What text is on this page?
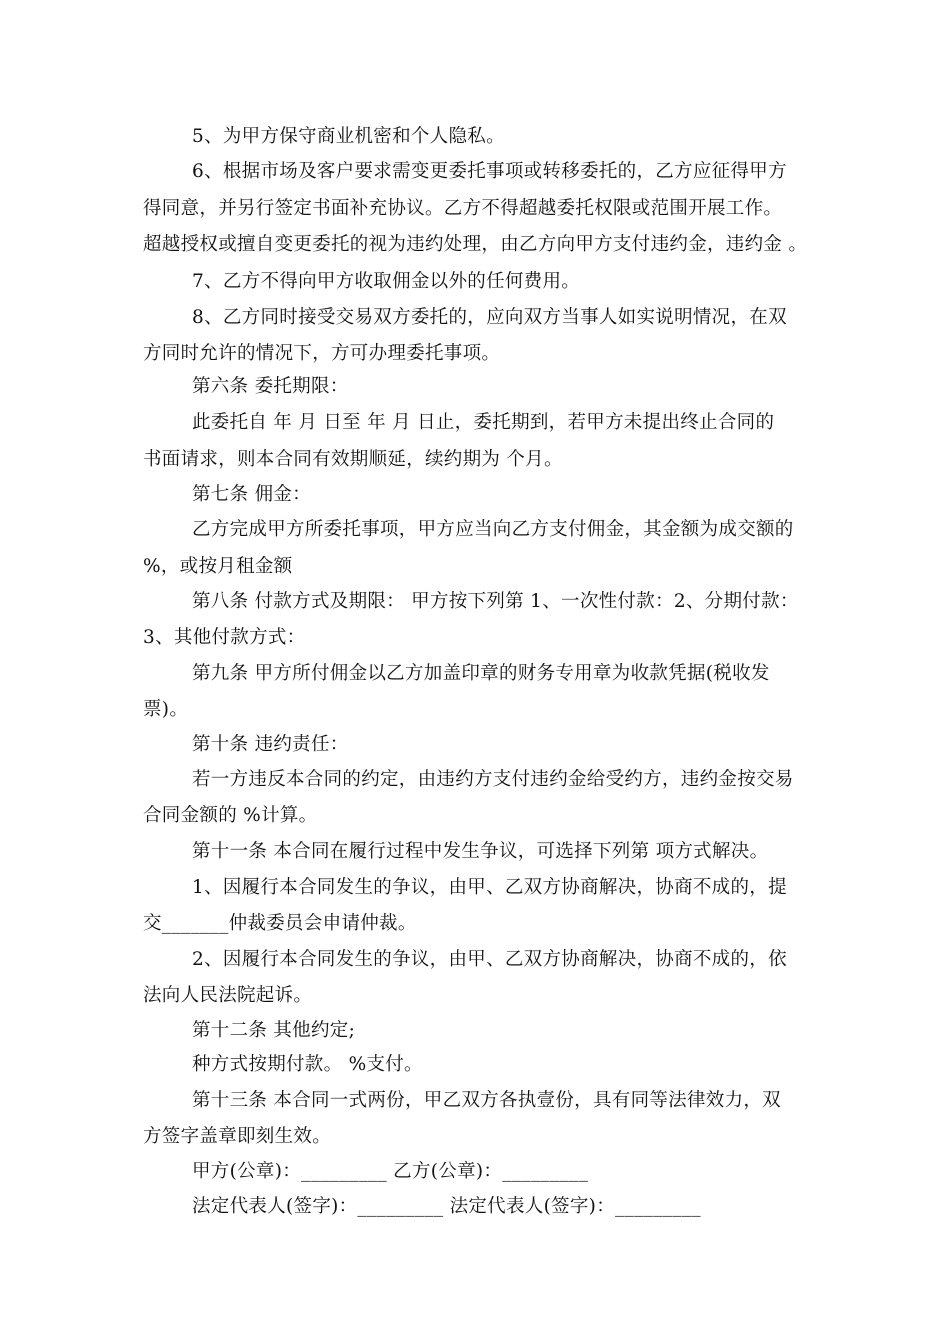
5、为甲方保守商业机密和个人隐私。
6、根据市场及客户要求需变更委托事项或转移委托的，乙方应征得甲方
得同意，并另行签定书面补充协议。乙方不得超越委托权限或范围开展工作。
超越授权或擅自变更委托的视为违约处理，由乙方向甲方支付违约金，违约金 。
7、乙方不得向甲方收取佣金以外的任何费用。
8、乙方同时接受交易双方委托的，应向双方当事人如实说明情况，在双
方同时允许的情况下，方可办理委托事项。
第六条 委托期限：
此委托自 年 月 日至 年 月 日止，委托期到，若甲方未提出终止合同的
书面请求，则本合同有效期顺延，续约期为 个月。
第七条 佣金：
乙方完成甲方所委托事项，甲方应当向乙方支付佣金，其金额为成交额的
%，或按月租金额
第八条 付款方式及期限： 甲方按下列第 1、一次性付款：2、分期付款：
3、其他付款方式：
第九条 甲方所付佣金以乙方加盖印章的财务专用章为收款凭据(税收发
票)。
第十条 违约责任：
若一方违反本合同的约定，由违约方支付违约金给受约方，违约金按交易
合同金额的 %计算。
第十一条 本合同在履行过程中发生争议，可选择下列第 项方式解决。
1、因履行本合同发生的争议，由甲、乙双方协商解决，协商不成的，提
交_______仲裁委员会申请仲裁。
2、因履行本合同发生的争议，由甲、乙双方协商解决，协商不成的，依
法向人民法院起诉。
第十二条 其他约定;
种方式按期付款。 %支付。
第十三条 本合同一式两份，甲乙双方各执壹份，具有同等法律效力，双
方签字盖章即刻生效。
甲方(公章)：_________ 乙方(公章)：_________
法定代表人(签字)：_________ 法定代表人(签字)：_________
